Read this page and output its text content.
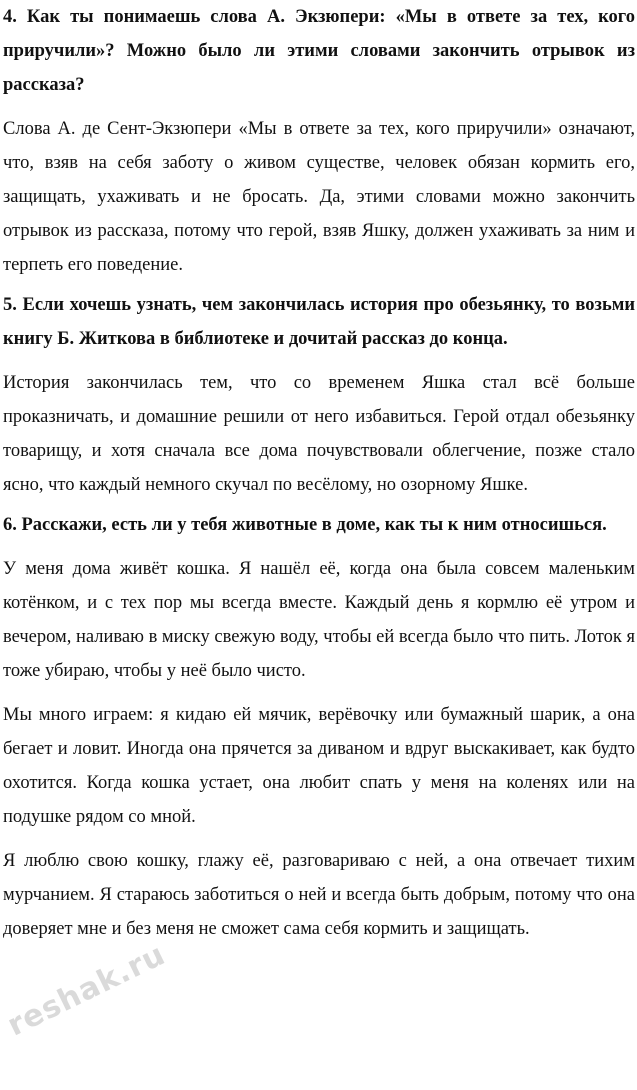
4. Как ты понимаешь слова А. Экзюпери: «Мы в ответе за тех, кого приручили»? Можно было ли этими словами закончить отрывок из рассказа?

Слова А. де Сент-Экзюпери «Мы в ответе за тех, кого приручили» означают, что, взяв на себя заботу о живом существе, человек обязан кормить его, защищать, ухаживать и не бросать. Да, этими словами можно закончить отрывок из рассказа, потому что герой, взяв Яшку, должен ухаживать за ним и терпеть его поведение.

5. Если хочешь узнать, чем закончилась история про обезьянку, то возьми книгу Б. Житкова в библиотеке и дочитай рассказ до конца.

История закончилась тем, что со временем Яшка стал всё больше проказничать, и домашние решили от него избавиться. Герой отдал обезьянку товарищу, и хотя сначала все дома почувствовали облегчение, позже стало ясно, что каждый немного скучал по весёлому, но озорному Яшке.

6. Расскажи, есть ли у тебя животные в доме, как ты к ним относишься.

У меня дома живёт кошка. Я нашёл её, когда она была совсем маленьким котёнком, и с тех пор мы всегда вместе. Каждый день я кормлю её утром и вечером, наливаю в миску свежую воду, чтобы ей всегда было что пить. Лоток я тоже убираю, чтобы у неё было чисто.

Мы много играем: я кидаю ей мячик, верёвочку или бумажный шарик, а она бегает и ловит. Иногда она прячется за диваном и вдруг выскакивает, как будто охотится. Когда кошка устает, она любит спать у меня на коленях или на подушке рядом со мной.

Я люблю свою кошку, глажу её, разговариваю с ней, а она отвечает тихим мурчанием. Я стараюсь заботиться о ней и всегда быть добрым, потому что она доверяет мне и без меня не сможет сама себя кормить и защищать.

reshak.ru
